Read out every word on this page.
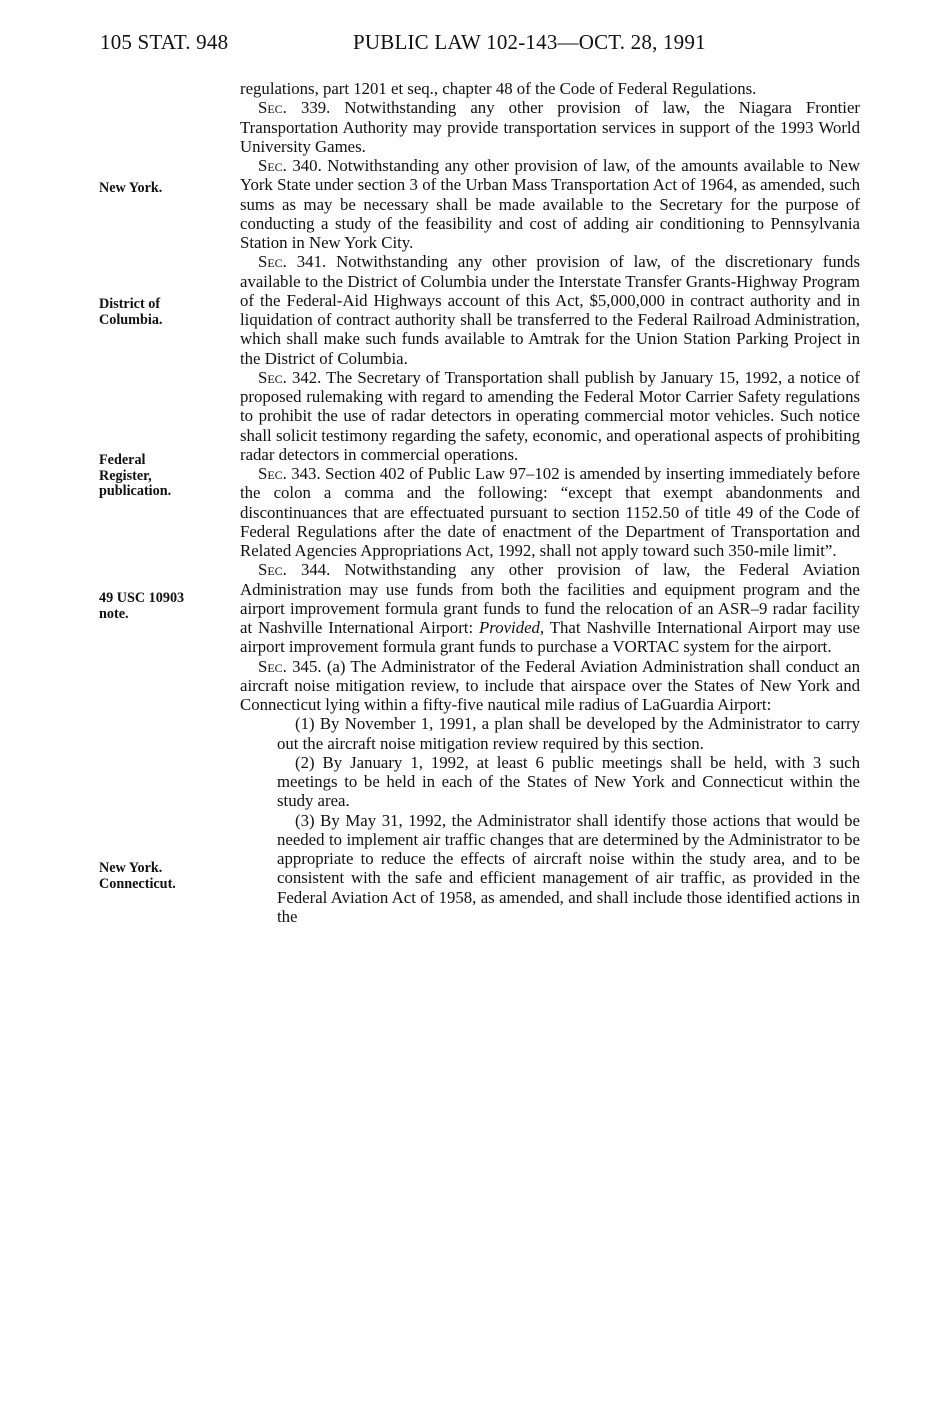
105 STAT. 948	PUBLIC LAW 102-143—OCT. 28, 1991
New York.
District of
Columbia.
Federal
Register,
publication.
49 USC 10903
note.
New York.
Connecticut.

regulations, part 1201 et seq., chapter 48 of the Code of Federal Regulations.

Sec. 339. Notwithstanding any other provision of law, the Niagara Frontier Transportation Authority may provide transportation services in support of the 1993 World University Games.

Sec. 340. Notwithstanding any other provision of law, of the amounts available to New York State under section 3 of the Urban Mass Transportation Act of 1964, as amended, such sums as may be necessary shall be made available to the Secretary for the purpose of conducting a study of the feasibility and cost of adding air conditioning to Pennsylvania Station in New York City.

Sec. 341. Notwithstanding any other provision of law, of the discretionary funds available to the District of Columbia under the Interstate Transfer Grants-Highway Program of the Federal-Aid Highways account of this Act, $5,000,000 in contract authority and in liquidation of contract authority shall be transferred to the Federal Railroad Administration, which shall make such funds available to Amtrak for the Union Station Parking Project in the District of Columbia.

Sec. 342. The Secretary of Transportation shall publish by January 15, 1992, a notice of proposed rulemaking with regard to amending the Federal Motor Carrier Safety regulations to prohibit the use of radar detectors in operating commercial motor vehicles. Such notice shall solicit testimony regarding the safety, economic, and operational aspects of prohibiting radar detectors in commercial operations.

Sec. 343. Section 402 of Public Law 97–102 is amended by inserting immediately before the colon a comma and the following: “except that exempt abandonments and discontinuances that are effectuated pursuant to section 1152.50 of title 49 of the Code of Federal Regulations after the date of enactment of the Department of Transportation and Related Agencies Appropriations Act, 1992, shall not apply toward such 350-mile limit”.

Sec. 344. Notwithstanding any other provision of law, the Federal Aviation Administration may use funds from both the facilities and equipment program and the airport improvement formula grant funds to fund the relocation of an ASR–9 radar facility at Nashville International Airport: Provided, That Nashville International Airport may use airport improvement formula grant funds to purchase a VORTAC system for the airport.

Sec. 345. (a) The Administrator of the Federal Aviation Administration shall conduct an aircraft noise mitigation review, to include that airspace over the States of New York and Connecticut lying within a fifty-five nautical mile radius of LaGuardia Airport:

(1) By November 1, 1991, a plan shall be developed by the Administrator to carry out the aircraft noise mitigation review required by this section.

(2) By January 1, 1992, at least 6 public meetings shall be held, with 3 such meetings to be held in each of the States of New York and Connecticut within the study area.

(3) By May 31, 1992, the Administrator shall identify those actions that would be needed to implement air traffic changes that are determined by the Administrator to be appropriate to reduce the effects of aircraft noise within the study area, and to be consistent with the safe and efficient management of air traffic, as provided in the Federal Aviation Act of 1958, as amended, and shall include those identified actions in the
